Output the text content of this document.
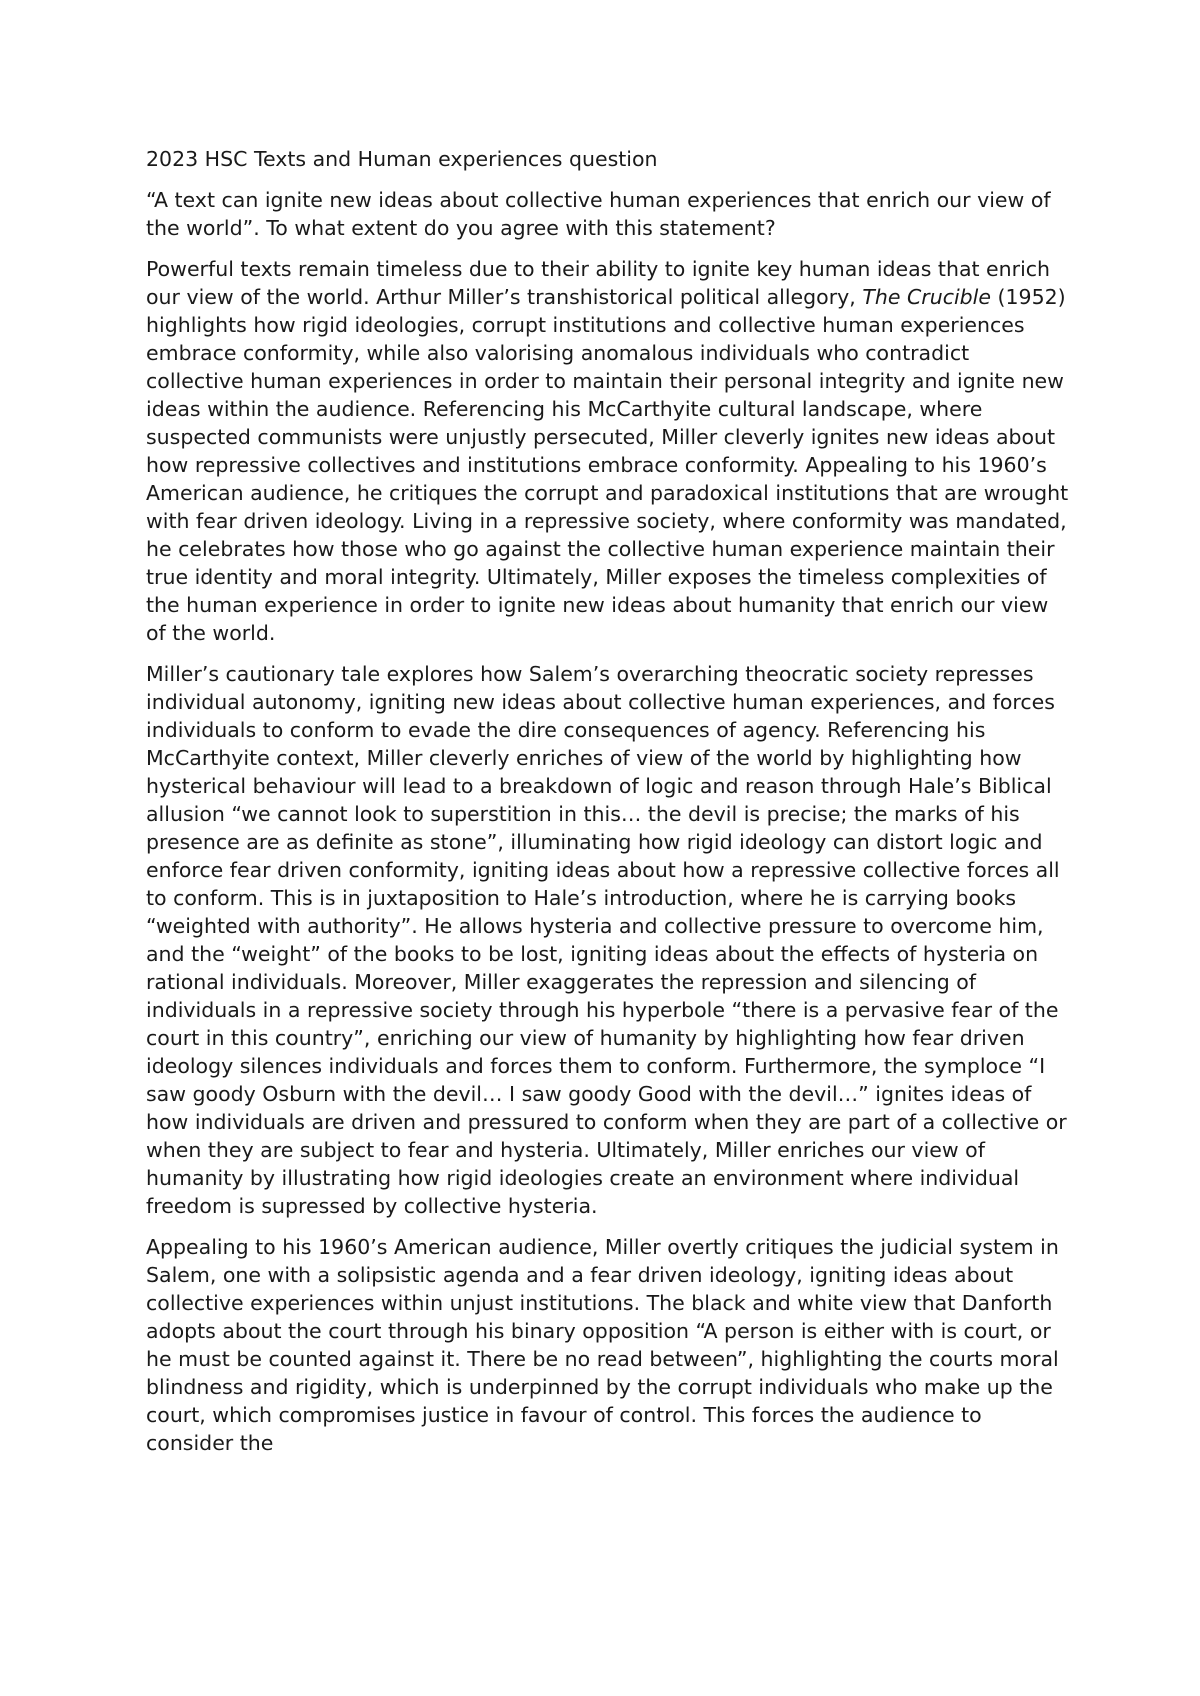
2023 HSC Texts and Human experiences question

“A text can ignite new ideas about collective human experiences that enrich our view of the world”. To what extent do you agree with this statement?

Powerful texts remain timeless due to their ability to ignite key human ideas that enrich our view of the world. Arthur Miller’s transhistorical political allegory, The Crucible (1952) highlights how rigid ideologies, corrupt institutions and collective human experiences embrace conformity, while also valorising anomalous individuals who contradict collective human experiences in order to maintain their personal integrity and ignite new ideas within the audience. Referencing his McCarthyite cultural landscape, where suspected communists were unjustly persecuted, Miller cleverly ignites new ideas about how repressive collectives and institutions embrace conformity. Appealing to his 1960’s American audience, he critiques the corrupt and paradoxical institutions that are wrought with fear driven ideology. Living in a repressive society, where conformity was mandated, he celebrates how those who go against the collective human experience maintain their true identity and moral integrity. Ultimately, Miller exposes the timeless complexities of the human experience in order to ignite new ideas about humanity that enrich our view of the world.

Miller’s cautionary tale explores how Salem’s overarching theocratic society represses individual autonomy, igniting new ideas about collective human experiences, and forces individuals to conform to evade the dire consequences of agency. Referencing his McCarthyite context, Miller cleverly enriches of view of the world by highlighting how hysterical behaviour will lead to a breakdown of logic and reason through Hale’s Biblical allusion “we cannot look to superstition in this… the devil is precise; the marks of his presence are as definite as stone”, illuminating how rigid ideology can distort logic and enforce fear driven conformity, igniting ideas about how a repressive collective forces all to conform. This is in juxtaposition to Hale’s introduction, where he is carrying books “weighted with authority”. He allows hysteria and collective pressure to overcome him, and the “weight” of the books to be lost, igniting ideas about the effects of hysteria on rational individuals. Moreover, Miller exaggerates the repression and silencing of individuals in a repressive society through his hyperbole “there is a pervasive fear of the court in this country”, enriching our view of humanity by highlighting how fear driven ideology silences individuals and forces them to conform. Furthermore, the symploce “I saw goody Osburn with the devil… I saw goody Good with the devil…” ignites ideas of how individuals are driven and pressured to conform when they are part of a collective or when they are subject to fear and hysteria. Ultimately, Miller enriches our view of humanity by illustrating how rigid ideologies create an environment where individual freedom is supressed by collective hysteria.

Appealing to his 1960’s American audience, Miller overtly critiques the judicial system in Salem, one with a solipsistic agenda and a fear driven ideology, igniting ideas about collective experiences within unjust institutions. The black and white view that Danforth adopts about the court through his binary opposition “A person is either with is court, or he must be counted against it. There be no read between”, highlighting the courts moral blindness and rigidity, which is underpinned by the corrupt individuals who make up the court, which compromises justice in favour of control. This forces the audience to consider the
